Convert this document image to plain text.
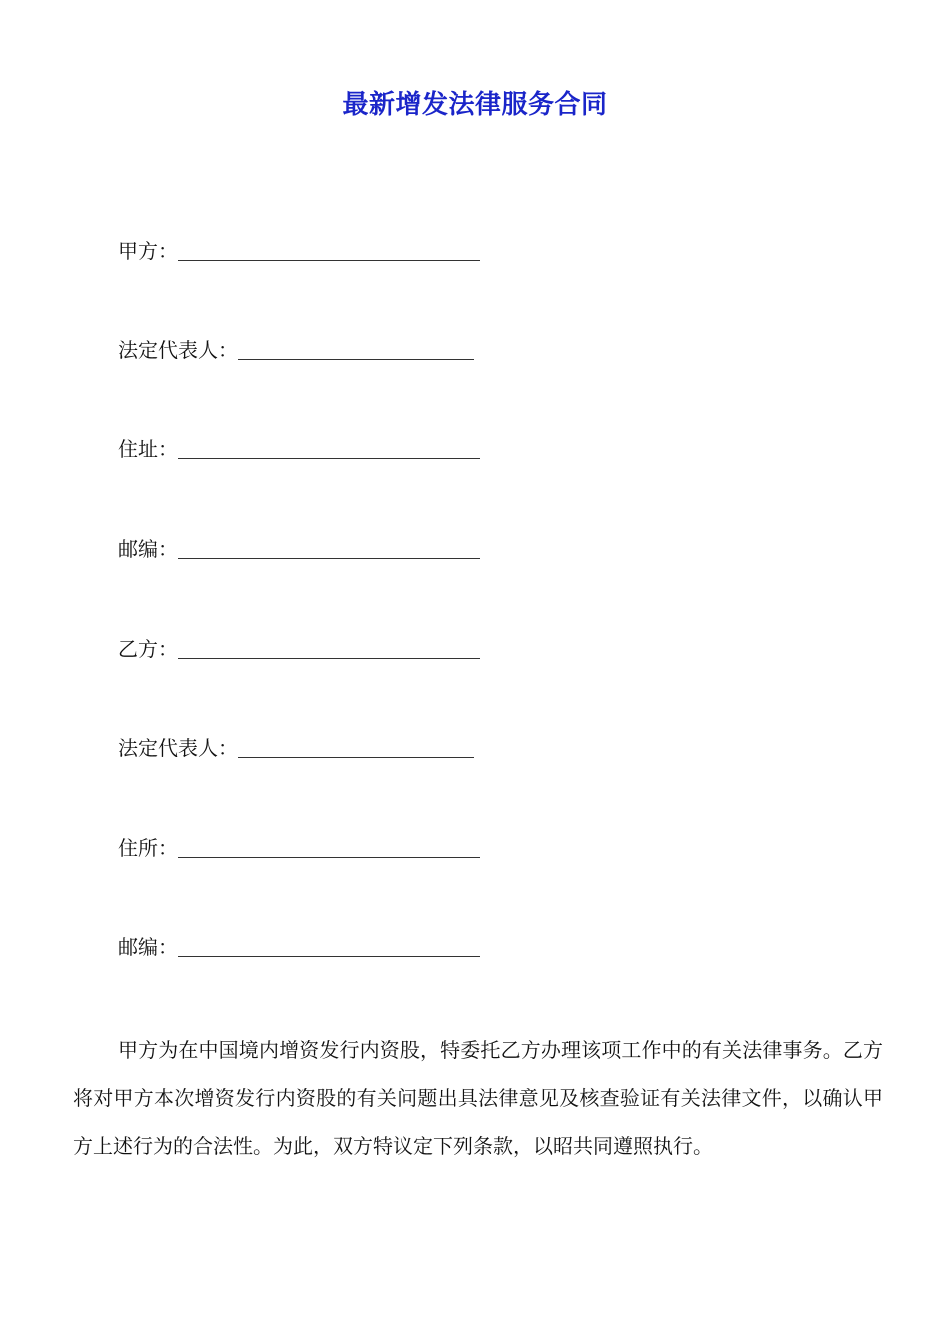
最新增发法律服务合同
甲方：
法定代表人：
住址：
邮编：
乙方：
法定代表人：
住所：
邮编：

甲方为在中国境内增资发行内资股，特委托乙方办理该项工作中的有关法律事务。乙方将对甲方本次增资发行内资股的有关问题出具法律意见及核查验证有关法律文件，以确认甲方上述行为的合法性。为此，双方特议定下列条款，以昭共同遵照执行。
